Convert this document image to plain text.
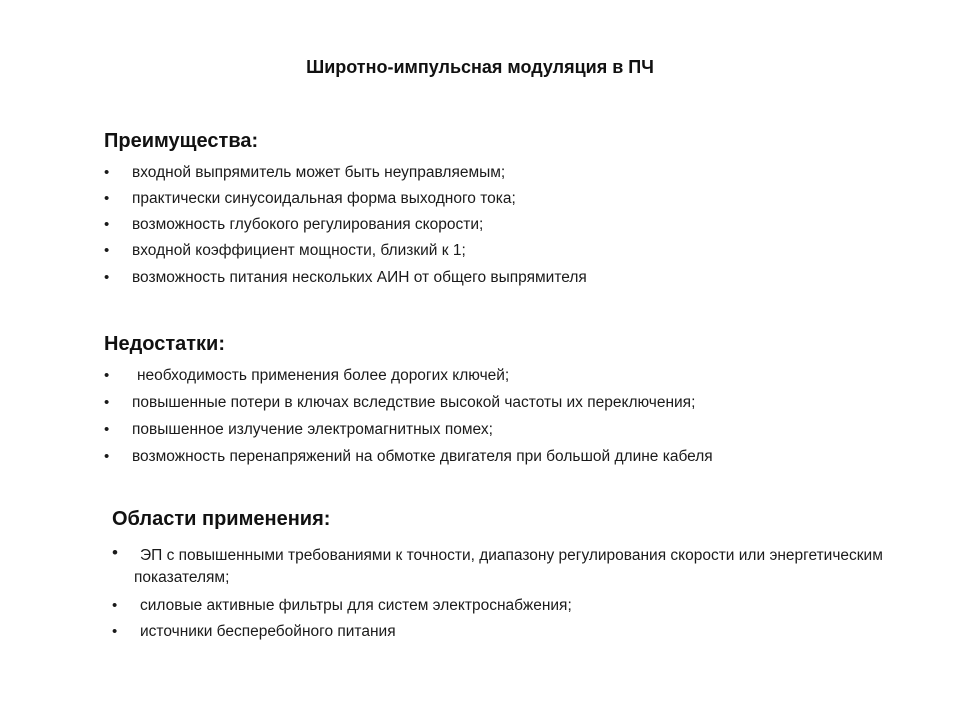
Широтно-импульсная модуляция в ПЧ
Преимущества:
• входной выпрямитель может быть неуправляемым;
• практически синусоидальная форма выходного тока;
• возможность глубокого регулирования скорости;
• входной коэффициент мощности, близкий к 1;
• возможность питания нескольких АИН от общего выпрямителя
Недостатки:
• необходимость применения более дорогих ключей;
• повышенные потери в ключах вследствие высокой частоты их переключения;
• повышенное излучение электромагнитных помех;
• возможность перенапряжений на обмотке двигателя при большой длине кабеля
Области применения:
•	ЭП с повышенными требованиями к точности, диапазону регулирования скорости или энергетическим показателям;
• силовые активные фильтры для систем электроснабжения;
• источники бесперебойного питания
